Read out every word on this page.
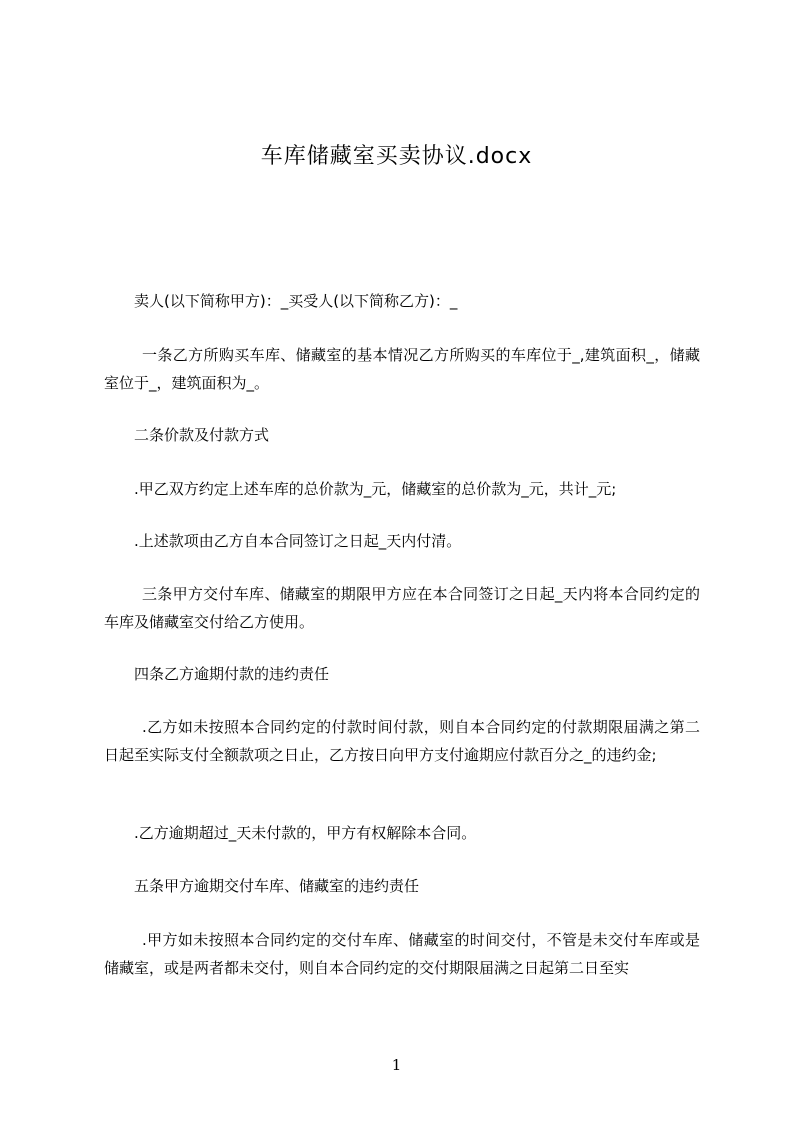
车库储藏室买卖协议.docx

卖人(以下简称甲方)：_买受人(以下简称乙方)：_

一条乙方所购买车库、储藏室的基本情况乙方所购买的车库位于_,建筑面积_，储藏室位于_，建筑面积为_。

二条价款及付款方式

.甲乙双方约定上述车库的总价款为_元，储藏室的总价款为_元，共计_元;

.上述款项由乙方自本合同签订之日起_天内付清。

三条甲方交付车库、储藏室的期限甲方应在本合同签订之日起_天内将本合同约定的车库及储藏室交付给乙方使用。

四条乙方逾期付款的违约责任

.乙方如未按照本合同约定的付款时间付款，则自本合同约定的付款期限届满之第二日起至实际支付全额款项之日止，乙方按日向甲方支付逾期应付款百分之_的违约金;

.乙方逾期超过_天未付款的，甲方有权解除本合同。

五条甲方逾期交付车库、储藏室的违约责任

.甲方如未按照本合同约定的交付车库、储藏室的时间交付，不管是未交付车库或是储藏室，或是两者都未交付，则自本合同约定的交付期限届满之日起第二日至实

1
